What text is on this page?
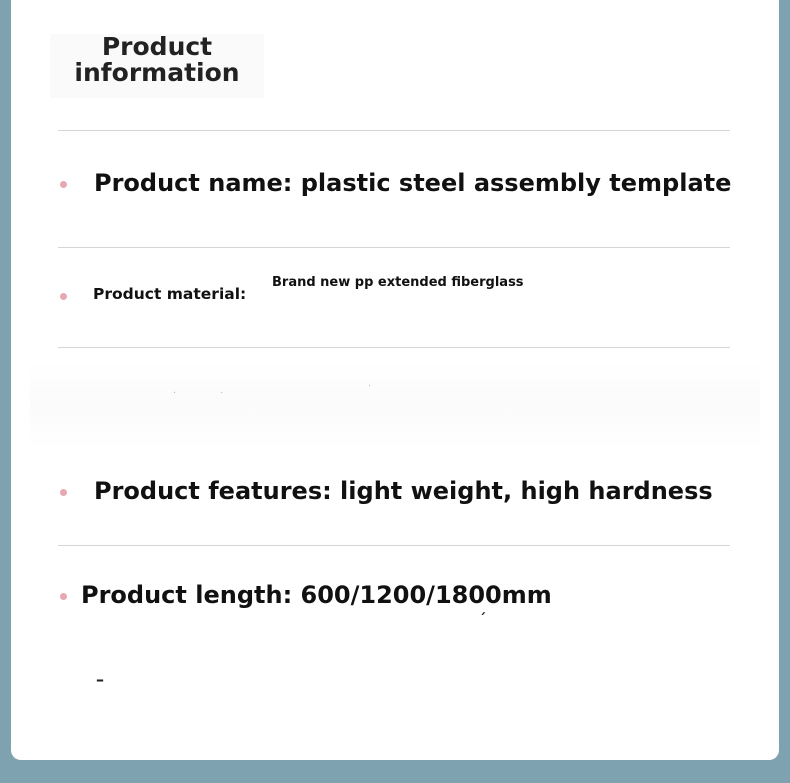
Product
information
Product name: plastic steel assembly template
Product material:
Brand new pp extended fiberglass
·	·
·
Product features: light weight, high hardness
Product length: 600/1200/1800mm
ˊ
–
